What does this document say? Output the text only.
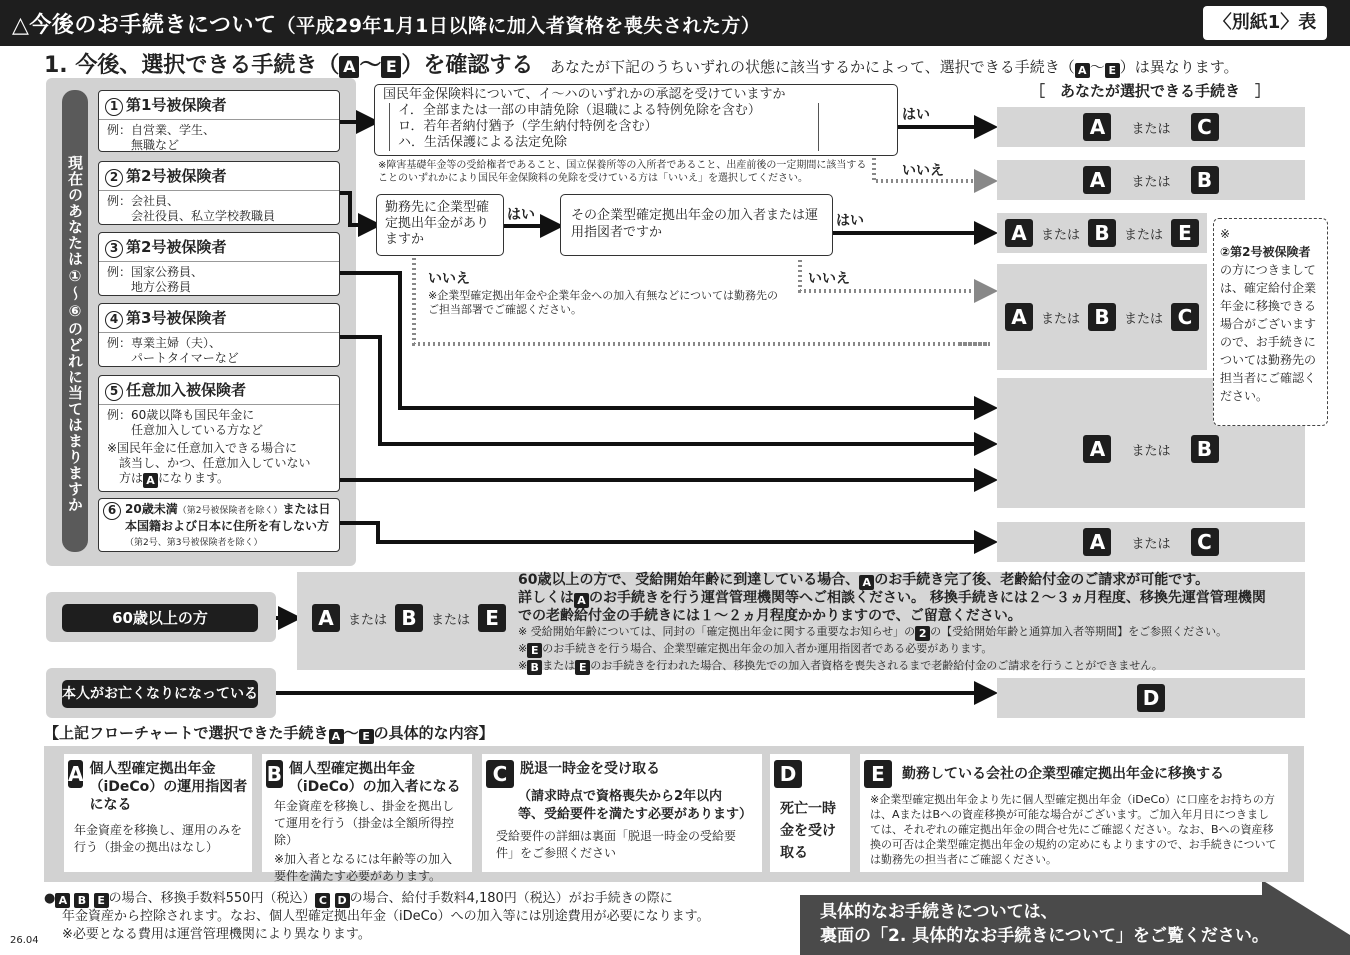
△今後のお手続きについて（平成29年1月1日以降に加入者資格を喪失された方）	〈別紙1〉表
1. 今後、選択できる手続き（ A 〜 E ）を確認する あなたが下記のうちいずれの状態に該当するかによって、選択できる手続き（ A 〜 E ）は異なります。
［　あなたが選択できる手続き　］
現在のあなたは①〜⑥のどれに当てはまりますか
1 第1号被保険者
例：自営業、学生、
　　無職など
2 第2号被保険者
例：会社員、
　　会社役員、私立学校教職員
3 第2号被保険者
例：国家公務員、
　　地方公務員
4 第3号被保険者
例：専業主婦（夫）、
　　パートタイマーなど
5 任意加入被保険者
例：60歳以降も国民年金に
　　任意加入している方など
※国民年金に任意加入できる場合に
　該当し、かつ、任意加入していない
　方は A になります。
6 20歳未満（第2号被保険者を除く）または日本国籍および日本に住所を有しない方（第2号、第3号被保険者を除く）
国民年金保険料について、イ〜ハのいずれかの承認を受けていますか
イ．全部または一部の申請免除（退職による特例免除を含む）
ロ．若年者納付猶予（学生納付特例を含む）
ハ．生活保護による法定免除
※障害基礎年金等の受給権者であること、国立保養所等の入所者であること、出産前後の一定期間に該当することのいずれかにより国民年金保険料の免除を受けている方は「いいえ」を選択してください。
勤務先に企業型確定拠出年金がありますか
その企業型確定拠出年金の加入者または運用指図者ですか
※企業型確定拠出年金や企業年金への加入有無などについては勤務先のご担当部署でご確認ください。
はい
いいえ
はい	はい
いいえ	いいえ
A	または	C
A	または	B
A	または B	または E
A	または B	または C
A	または	B
A	または	C
※
②第2号被保険者
の方につきましては、確定給付企業年金に移換できる場合がございますので、お手続きについては勤務先の担当者にご確認ください。
60歳以上の方	A	または B	または E
60歳以上の方で、受給開始年齢に到達している場合、 A のお手続き完了後、老齢給付金のご請求が可能です。
詳しくは A のお手続きを行う運営管理機関等へご相談ください。 移換手続きには２〜３ヵ月程度、移換先運営管理機関
での老齢給付金の手続きには１〜２ヵ月程度かかりますので、ご留意ください。
※ 受給開始年齢については、同封の「確定拠出年金に関する重要なお知らせ」の 2 の【受給開始年齢と通算加入者等期間】をご参照ください。
※ E のお手続きを行う場合、企業型確定拠出年金の加入者か運用指図者である必要があります。
※ B または E のお手続きを行われた場合、移換先での加入者資格を喪失されるまで老齢給付金のご請求を行うことができません。
本人がお亡くなりになっている	D
【上記フローチャートで選択できた手続き A 〜 E の具体的な内容】
A 個人型確定拠出年金（iDeCo）の運用指図者になる
年金資産を移換し、運用のみを行う（掛金の拠出はなし）
B 個人型確定拠出年金（iDeCo）の加入者になる
年金資産を移換し、掛金を拠出して運用を行う（掛金は全額所得控除）
※加入者となるには年齢等の加入要件を満たす必要があります。
C 脱退一時金を受け取る
（請求時点で資格喪失から2年以内等、受給要件を満たす必要があります）
受給要件の詳細は裏面「脱退一時金の受給要件」をご参照ください
D
死亡一時金を受け取る
E	勤務している会社の企業型確定拠出年金に移換する
※企業型確定拠出年金より先に個人型確定拠出年金（iDeCo）に口座をお持ちの方は、AまたはBへの資産移換が可能な場合がございます。ご加入年月日につきましては、それぞれの確定拠出年金の問合せ先にご確認ください。なお、Bへの資産移換の可否は企業型確定拠出年金の規約の定めにもよりますので、お手続きについては勤務先の担当者にご確認ください。
● A B E の場合、移換手数料550円（税込） C D の場合、給付手数料4,180円（税込）がお手続きの際に
年金資産から控除されます。なお、個人型確定拠出年金（iDeCo）への加入等には別途費用が必要になります。
※必要となる費用は運営管理機関により異なります。
26.04
具体的なお手続きについては、
裏面の「2. 具体的なお手続きについて」をご覧ください。
